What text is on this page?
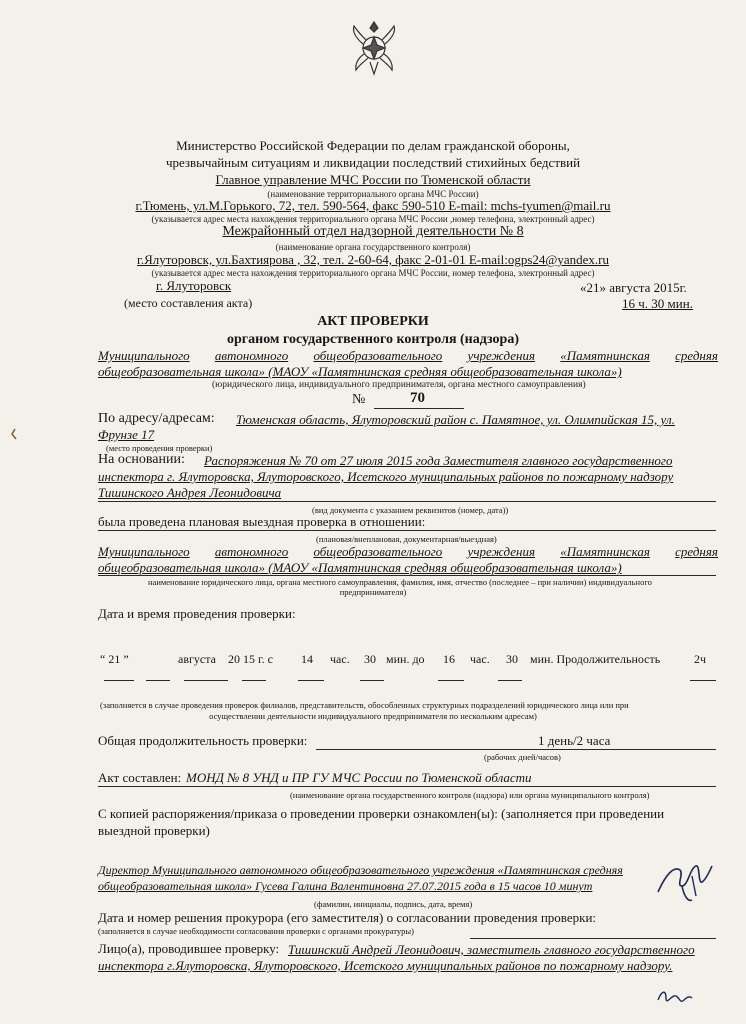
Министерство Российской Федерации по делам гражданской обороны,
чрезвычайным ситуациям и ликвидации последствий стихийных бедствий
Главное управление МЧС России по Тюменской области
(наименование территориального органа МЧС России)
г.Тюмень, ул.М.Горького, 72, тел. 590-564, факс 590-510 E-mail: mchs-tyumen@mail.ru
(указывается адрес места нахождения территориального органа МЧС России ,номер телефона, электронный адрес)
Межрайонный отдел надзорной деятельности № 8
(наименование органа государственного контроля)
г.Ялуторовск, ул.Бахтиярова , 32, тел. 2-60-64, факс 2-01-01 E-mail:ogps24@yandex.ru
(указывается адрес места нахождения территориального органа МЧС России, номер телефона, электронный адрес)
г. Ялуторовск	«21» августа 2015г.
(место составления акта)	16 ч. 30 мин.
АКТ ПРОВЕРКИ
органом государственного контроля (надзора)
Муниципального автономного общеобразовательного учреждения «Памятнинская средняя
общеобразовательная школа» (МАОУ «Памятнинская средняя общеобразовательная школа»)
(юридического лица, индивидуального предпринимателя, органа местного самоуправления)
№	70
По адресу/адресам: Тюменская область, Ялуторовский район с. Памятное, ул. Олимпийская 15, ул.
Фрунзе 17
(место проведения проверки)
На основании: Распоряжения № 70 от 27 июля 2015 года Заместителя главного государственного
инспектора г. Ялуторовска, Ялуторовского, Исетского муниципальных районов по пожарному надзору
Тишинского Андрея Леонидовича
(вид документа с указанием реквизитов (номер, дата))
была проведена плановая выездная проверка в отношении:
(плановая/внеплановая, документарная/выездная)
Муниципального автономного общеобразовательного учреждения «Памятнинская средняя
общеобразовательная школа» (МАОУ «Памятнинская средняя общеобразовательная школа»)
наименование юридического лица, органа местного самоуправления, фамилия, имя, отчество (последнее – при наличии) индивидуального
предпринимателя)
Дата и время проведения проверки:
“ 21 ”	августа 20 15 г. с 14 час. 30 мин. до 16 час. 30 мин. Продолжительность	2ч
(заполняется в случае проведения проверок филиалов, представительств, обособленных структурных подразделений юридического лица или при
осуществлении деятельности индивидуального предпринимателя по нескольким адресам)
Общая продолжительность проверки:	1 день/2 часа
(рабочих дней/часов)
Акт составлен: МОНД № 8 УНД и ПР ГУ МЧС России по Тюменской области
(наименование органа государственного контроля (надзора) или органа муниципального контроля)
С копией распоряжения/приказа о проведении проверки ознакомлен(ы): (заполняется при проведении
выездной проверки)
Директор Муниципального автономного общеобразовательного учреждения «Памятнинская средняя
общеобразовательная школа» Гусева Галина Валентиновна 27.07.2015 года в 15 часов 10 минут
(фамилии, инициалы, подпись, дата, время)
Дата и номер решения прокурора (его заместителя) о согласовании проведения проверки:
(заполняется в случае необходимости согласования проверки с органами прокуратуры)
Лицо(а), проводившее проверку: Тишинский Андрей Леонидович, заместитель главного государственного
инспектора г.Ялуторовска, Ялуторовского, Исетского муниципальных районов по пожарному надзору.
